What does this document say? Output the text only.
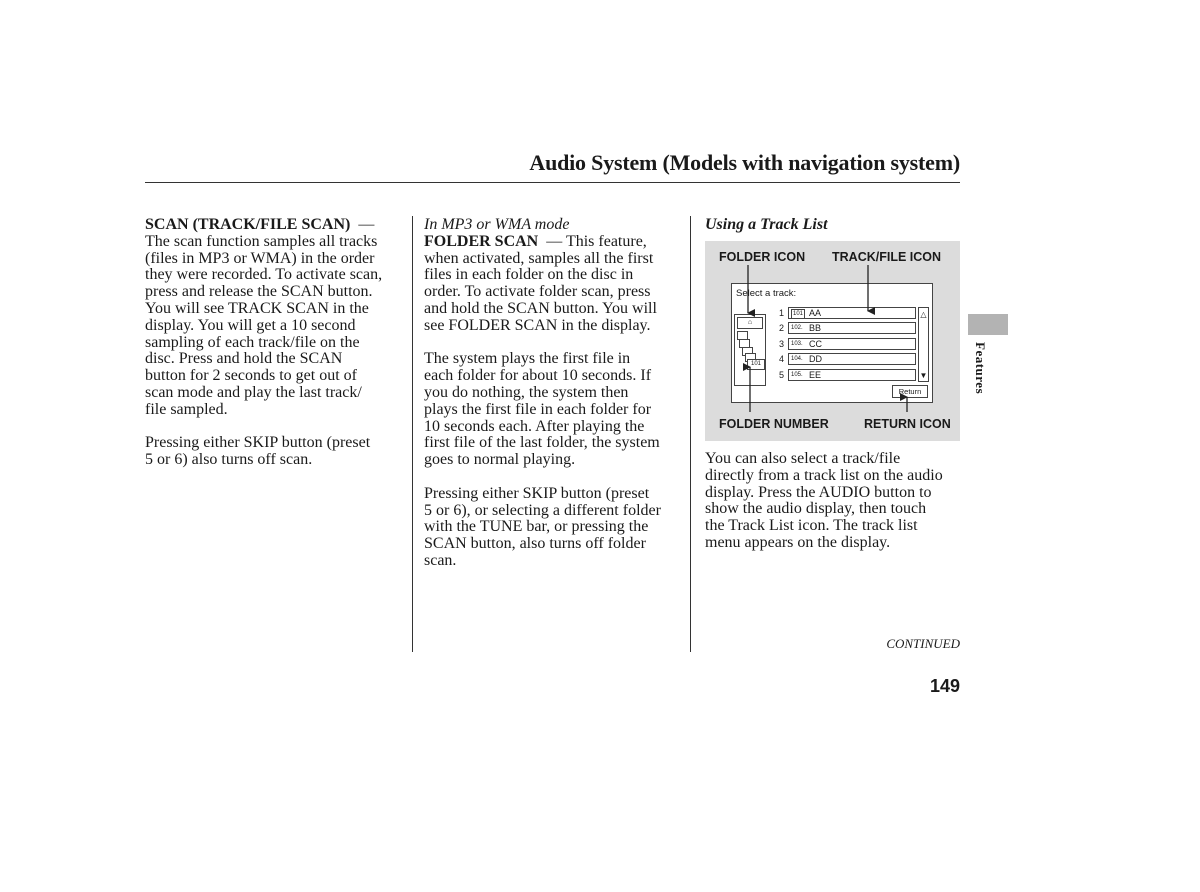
Audio System (Models with navigation system)
SCAN (TRACK/FILE SCAN) —

The scan function samples all tracks
(files in MP3 or WMA) in the order
they were recorded. To activate scan,
press and release the SCAN button.
You will see TRACK SCAN in the
display. You will get a 10 second
sampling of each track/file on the
disc. Press and hold the SCAN
button for 2 seconds to get out of
scan mode and play the last track/
file sampled.

Pressing either SKIP button (preset
5 or 6) also turns off scan.

In MP3 or WMA mode

FOLDER SCAN — This feature,
when activated, samples all the first
files in each folder on the disc in
order. To activate folder scan, press
and hold the SCAN button. You will
see FOLDER SCAN in the display.

The system plays the first file in
each folder for about 10 seconds. If
you do nothing, the system then
plays the first file in each folder for
10 seconds each. After playing the
first file of the last folder, the system
goes to normal playing.

Pressing either SKIP button (preset
5 or 6), or selecting a different folder
with the TUNE bar, or pressing the
SCAN button, also turns off folder
scan.

Using a Track List
FOLDER ICON TRACK/FILE ICON
FOLDER NUMBER	RETURN ICON
Select a track:
⌂
101
1	101 AA
2 102. BB
3 103. CC
4 104. DD
5 105. EE
△
▼
Return
You can also select a track/file
directly from a track list on the audio
display. Press the AUDIO button to
show the audio display, then touch
the Track List icon. The track list
menu appears on the display.
Features
CONTINUED
149
